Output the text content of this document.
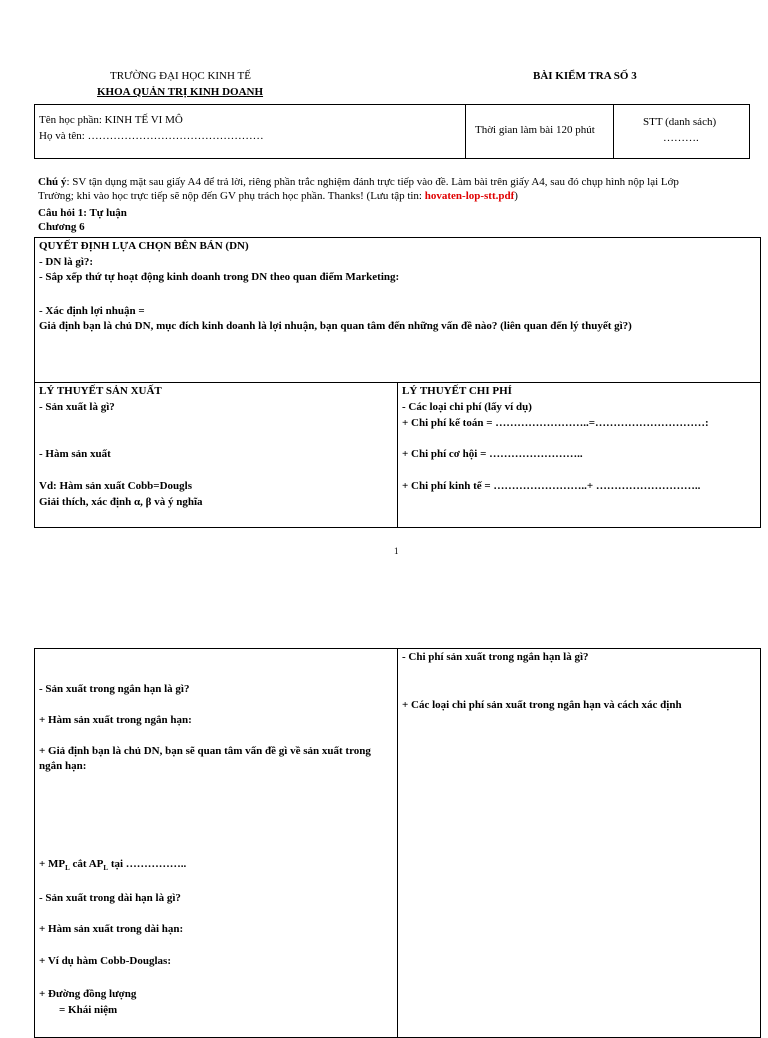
TRƯỜNG ĐẠI HỌC KINH TẾ
KHOA QUẢN TRỊ KINH DOANH
BÀI KIỂM TRA SỐ 3
Tên học phần: KINH TẾ VI MÔ
Họ và tên: …………………………………………	Thời gian làm bài 120 phút
STT (danh sách)
……….
Chú ý: SV tận dụng mặt sau giấy A4 để trả lời, riêng phần trắc nghiệm đánh trực tiếp vào đề. Làm bài trên giấy A4, sau đó chụp hình nộp lại Lớp
Trường; khi vào học trực tiếp sẽ nộp đến GV phụ trách học phần. Thanks! (Lưu tập tin: hovaten-lop-stt.pdf)
Câu hỏi 1: Tự luận
Chương 6
QUYẾT ĐỊNH LỰA CHỌN BÊN BÁN (DN)
- DN là gì?:
- Sắp xếp thứ tự hoạt động kinh doanh trong DN theo quan điểm Marketing:
- Xác định lợi nhuận =
Giả định bạn là chủ DN, mục đích kinh doanh là lợi nhuận, bạn quan tâm đến những vấn đề nào? (liên quan đến lý thuyết gì?)
LÝ THUYẾT SẢN XUẤT
- Sản xuất là gì?
- Hàm sản xuất
Vd: Hàm sản xuất Cobb=Dougls
Giải thích, xác định α, β và ý nghĩa
LÝ THUYẾT CHI PHÍ
- Các loại chi phí (lấy ví dụ)
+ Chi phí kế toán = ……………………..=…………………………:
+ Chi phí cơ hội = ……………………..
+ Chi phí kinh tế = ……………………..+ ………………………..
1
- Sản xuất trong ngắn hạn là gì?
+ Hàm sản xuất trong ngắn hạn:
+ Giả định bạn là chủ DN, bạn sẽ quan tâm vấn đề gì về sản xuất trong
ngắn hạn:
+ $MP_L$ cắt $AP_L$ tại ……………..
- Sản xuất trong dài hạn là gì?
+ Hàm sản xuất trong dài hạn:
+ Ví dụ hàm Cobb-Douglas:
+ Đường đồng lượng
= Khái niệm
- Chi phí sản xuất trong ngắn hạn là gì?
+ Các loại chi phí sản xuất trong ngắn hạn và cách xác định
